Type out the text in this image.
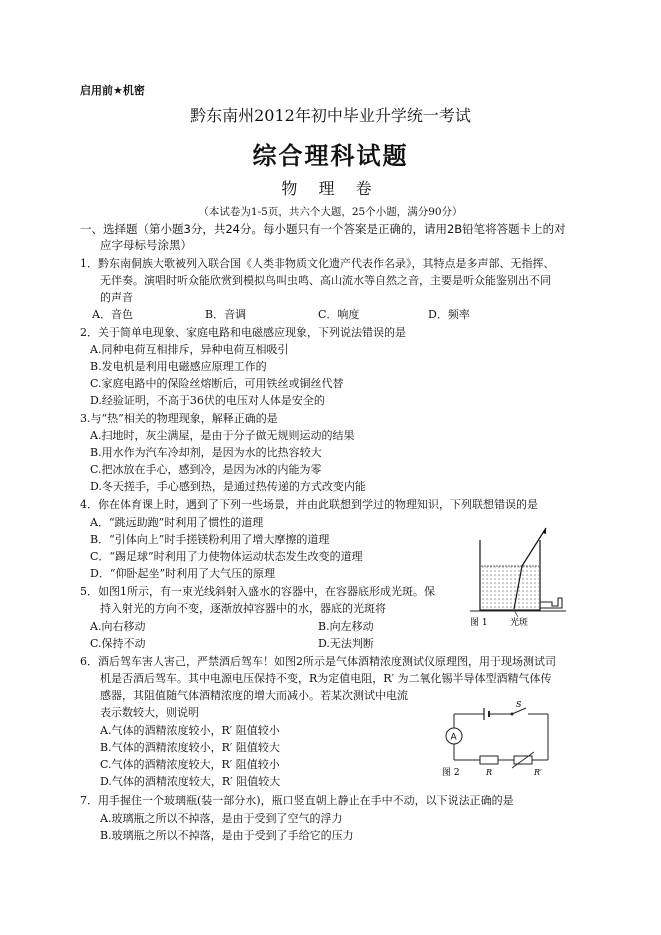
启用前★机密
黔东南州2012年初中毕业升学统一考试
综合理科试题
物 理 卷
（本试卷为1-5页，共六个大题，25个小题，满分90分）
一、选择题（第小题3分，共24分。每小题只有一个答案是正确的，请用2B铅笔将答题卡上的对
应字母标号涂黑）
1．黔东南侗族大歌被列入联合国《人类非物质文化遗产代表作名录》，其特点是多声部、无指挥、
无伴奏。演唱时听众能欣赏到模拟鸟叫虫鸣、高山流水等自然之音，主要是听众能鉴别出不同
的声音
A．音色	B．音调	C．响度	D．频率
2．关于简单电现象、家庭电路和电磁感应现象，下列说法错误的是
A.同种电荷互相排斥，异种电荷互相吸引
B.发电机是利用电磁感应原理工作的
C.家庭电路中的保险丝熔断后，可用铁丝或铜丝代替
D.经验证明，不高于36伏的电压对人体是安全的
3.与“热”相关的物理现象，解释正确的是
A.扫地时，灰尘满屋，是由于分子做无规则运动的结果
B.用水作为汽车冷却剂，是因为水的比热容较大
C.把冰放在手心，感到冷，是因为冰的内能为零
D.冬天搓手，手心感到热，是通过热传递的方式改变内能
4．你在体育课上时，遇到了下列一些场景，并由此联想到学过的物理知识，下列联想错误的是
A．“跳远助跑”时利用了惯性的道理
B．“引体向上”时手搓镁粉利用了增大摩擦的道理
C．“踢足球”时利用了力使物体运动状态发生改变的道理
D．“仰卧起坐”时利用了大气压的原理
5．如图1所示，有一束光线斜射入盛水的容器中，在容器底形成光斑。保
持入射光的方向不变，逐渐放掉容器中的水，器底的光斑将
A.向右移动	B.向左移动
C.保持不动	D.无法判断
图 1 光斑
6．酒后驾车害人害己，严禁酒后驾车！如图2所示是气体酒精浓度测试仪原理图，用于现场测试司
机是否酒后驾车。其中电源电压保持不变，R为定值电阻，R′ 为二氧化锡半导体型酒精气体传
感器，其阻值随气体酒精浓度的增大而减小。若某次测试中电流
表示数较大，则说明
A.气体的酒精浓度较小，R′ 阻值较小
B.气体的酒精浓度较小，R′ 阻值较大
C.气体的酒精浓度较大，R′ 阻值较小
D.气体的酒精浓度较大，R′ 阻值较大
S
A
R	R′
图 2
7．用手握住一个玻璃瓶(装一部分水)，瓶口竖直朝上静止在手中不动，以下说法正确的是
A.玻璃瓶之所以不掉落，是由于受到了空气的浮力
B.玻璃瓶之所以不掉落，是由于受到了手给它的压力
